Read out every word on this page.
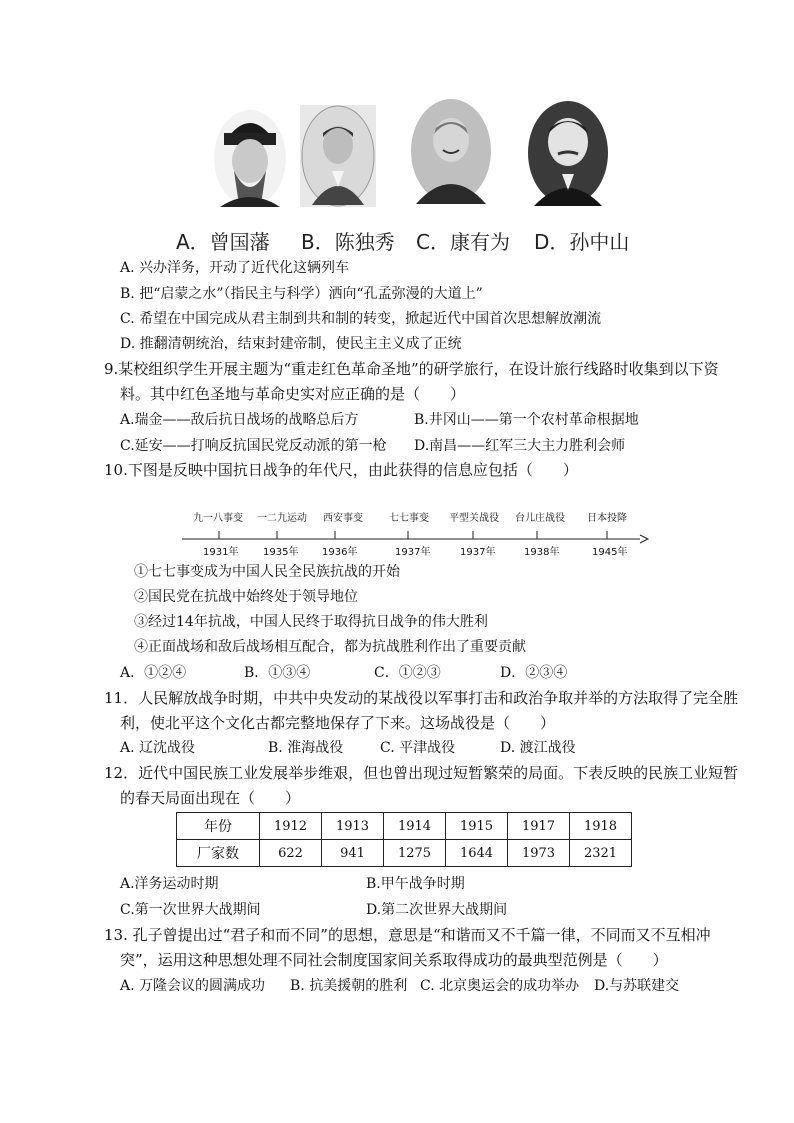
A．曾国藩 B．陈独秀 C．康有为 D．孙中山
A. 兴办洋务，开动了近代化这辆列车
B. 把“启蒙之水”（指民主与科学）洒向“孔孟弥漫的大道上”
C. 希望在中国完成从君主制到共和制的转变，掀起近代中国首次思想解放潮流
D. 推翻清朝统治，结束封建帝制，使民主主义成了正统
9.某校组织学生开展主题为“重走红色革命圣地”的研学旅行，在设计旅行线路时收集到以下资
料。其中红色圣地与革命史实对应正确的是（　　）
A.瑞金——敌后抗日战场的战略总后方	B.井冈山——第一个农村革命根据地
C.延安——打响反抗国民党反动派的第一枪 D.南昌——红军三大主力胜利会师
10.下图是反映中国抗日战争的年代尺，由此获得的信息应包括（　　）
九一八事变 一二九运动 西安事变	七七事变 平型关战役 台儿庄战役 日本投降
1931年 1935年 1936年	1937年	1937年	1938年	1945年
①七七事变成为中国人民全民族抗战的开始
②国民党在抗战中始终处于领导地位
③经过14年抗战，中国人民终于取得抗日战争的伟大胜利
④正面战场和敌后战场相互配合，都为抗战胜利作出了重要贡献
A．①②④	B．①③④	C．①②③	D．②③④
11．人民解放战争时期，中共中央发动的某战役以军事打击和政治争取并举的方法取得了完全胜
利，使北平这个文化古都完整地保存了下来。这场战役是（　　）
A. 辽沈战役	B. 淮海战役	C. 平津战役	D. 渡江战役
12．近代中国民族工业发展举步维艰，但也曾出现过短暂繁荣的局面。下表反映的民族工业短暂
的春天局面出现在（　　）
年份	1912	1913	1914	1915	1917	1918
厂家数	622	941	1275	1644	1973	2321
A.洋务运动时期	B.甲午战争时期
C.第一次世界大战期间	D.第二次世界大战期间
13. 孔子曾提出过“君子和而不同”的思想，意思是“和谐而又不千篇一律，不同而又不互相冲
突”，运用这种思想处理不同社会制度国家间关系取得成功的最典型范例是（　　）
A. 万隆会议的圆满成功 B. 抗美援朝的胜利 C. 北京奥运会的成功举办 D.与苏联建交
